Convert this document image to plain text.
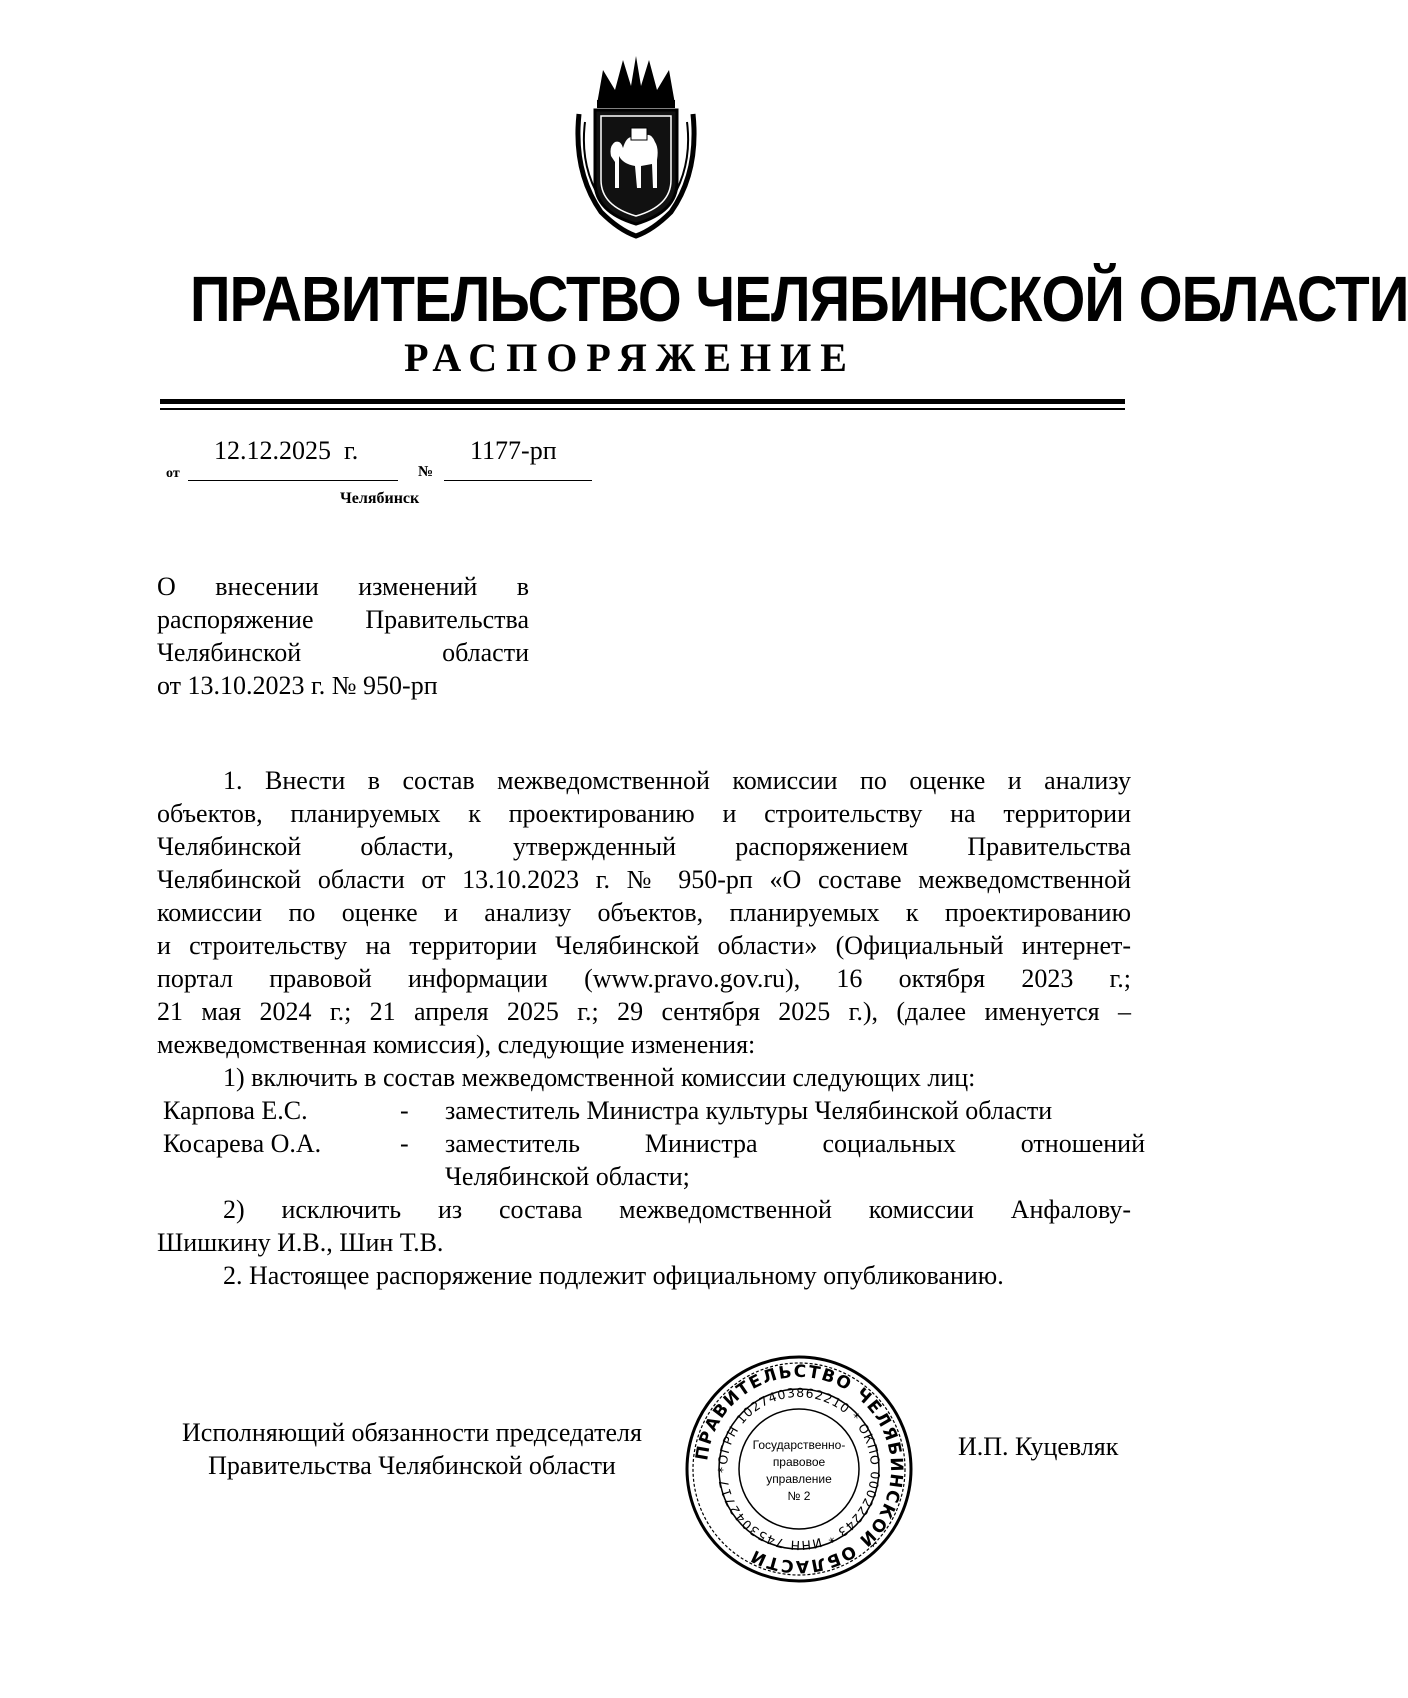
ПРАВИТЕЛЬСТВО ЧЕЛЯБИНСКОЙ ОБЛАСТИ
РАСПОРЯЖЕНИЕ
от
12.12.2025  г.
№
1177-рп
Челябинск
О внесении изменений в
распоряжение Правительства
Челябинской области
от 13.10.2023 г. № 950-рп
1. Внести в состав межведомственной комиссии по оценке и анализу
объектов, планируемых к проектированию и строительству на территории
Челябинской области, утвержденный распоряжением Правительства
Челябинской области от 13.10.2023 г. № 950-рп «О составе межведомственной
комиссии по оценке и анализу объектов, планируемых к проектированию
и строительству на территории Челябинской области» (Официальный интернет-
портал правовой информации (www.pravo.gov.ru), 16 октября 2023 г.;
21 мая 2024 г.; 21 апреля 2025 г.; 29 сентября 2025 г.), (далее именуется –
межведомственная комиссия), следующие изменения:
1) включить в состав межведомственной комиссии следующих лиц:
Карпова Е.С.	- заместитель Министра культуры Челябинской области
Косарева О.А.	- заместитель Министра социальных отношений
Челябинской области;
2) исключить из состава межведомственной комиссии Анфалову-
Шишкину И.В., Шин Т.В.
2. Настоящее распоряжение подлежит официальному опубликованию.
Исполняющий обязанности председателя
Правительства Челябинской области
И.П. Куцевляк
ПРАВИТЕЛЬСТВО ЧЕЛЯБИНСКОЙ ОБЛАСТИ
ОГРН 1027403862210 * ОКПО 00022243 * ИНН 7453042717 *
Государственно-
правовое
управление
№ 2
